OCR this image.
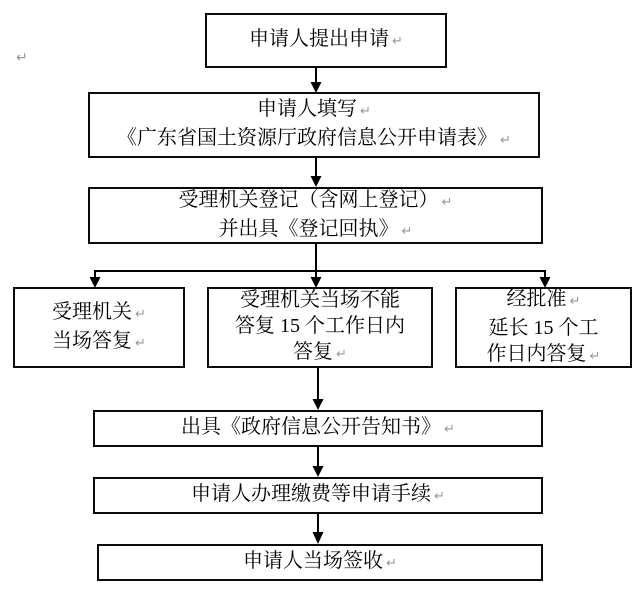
↵
申请人提出申请 ↵
申请人填写 ↵
《广东省国土资源厅政府信息公开申请表》 ↵
受理机关登记（含网上登记） ↵
并出具《登记回执》 ↵
受理机关 ↵
当场答复 ↵
受理机关当场不能
答复 15 个工作日内
答复 ↵
经批准 ↵
延长 15 个工
作日内答复 ↵
出具《政府信息公开告知书》 ↵
申请人办理缴费等申请手续 ↵
申请人当场签收 ↵
